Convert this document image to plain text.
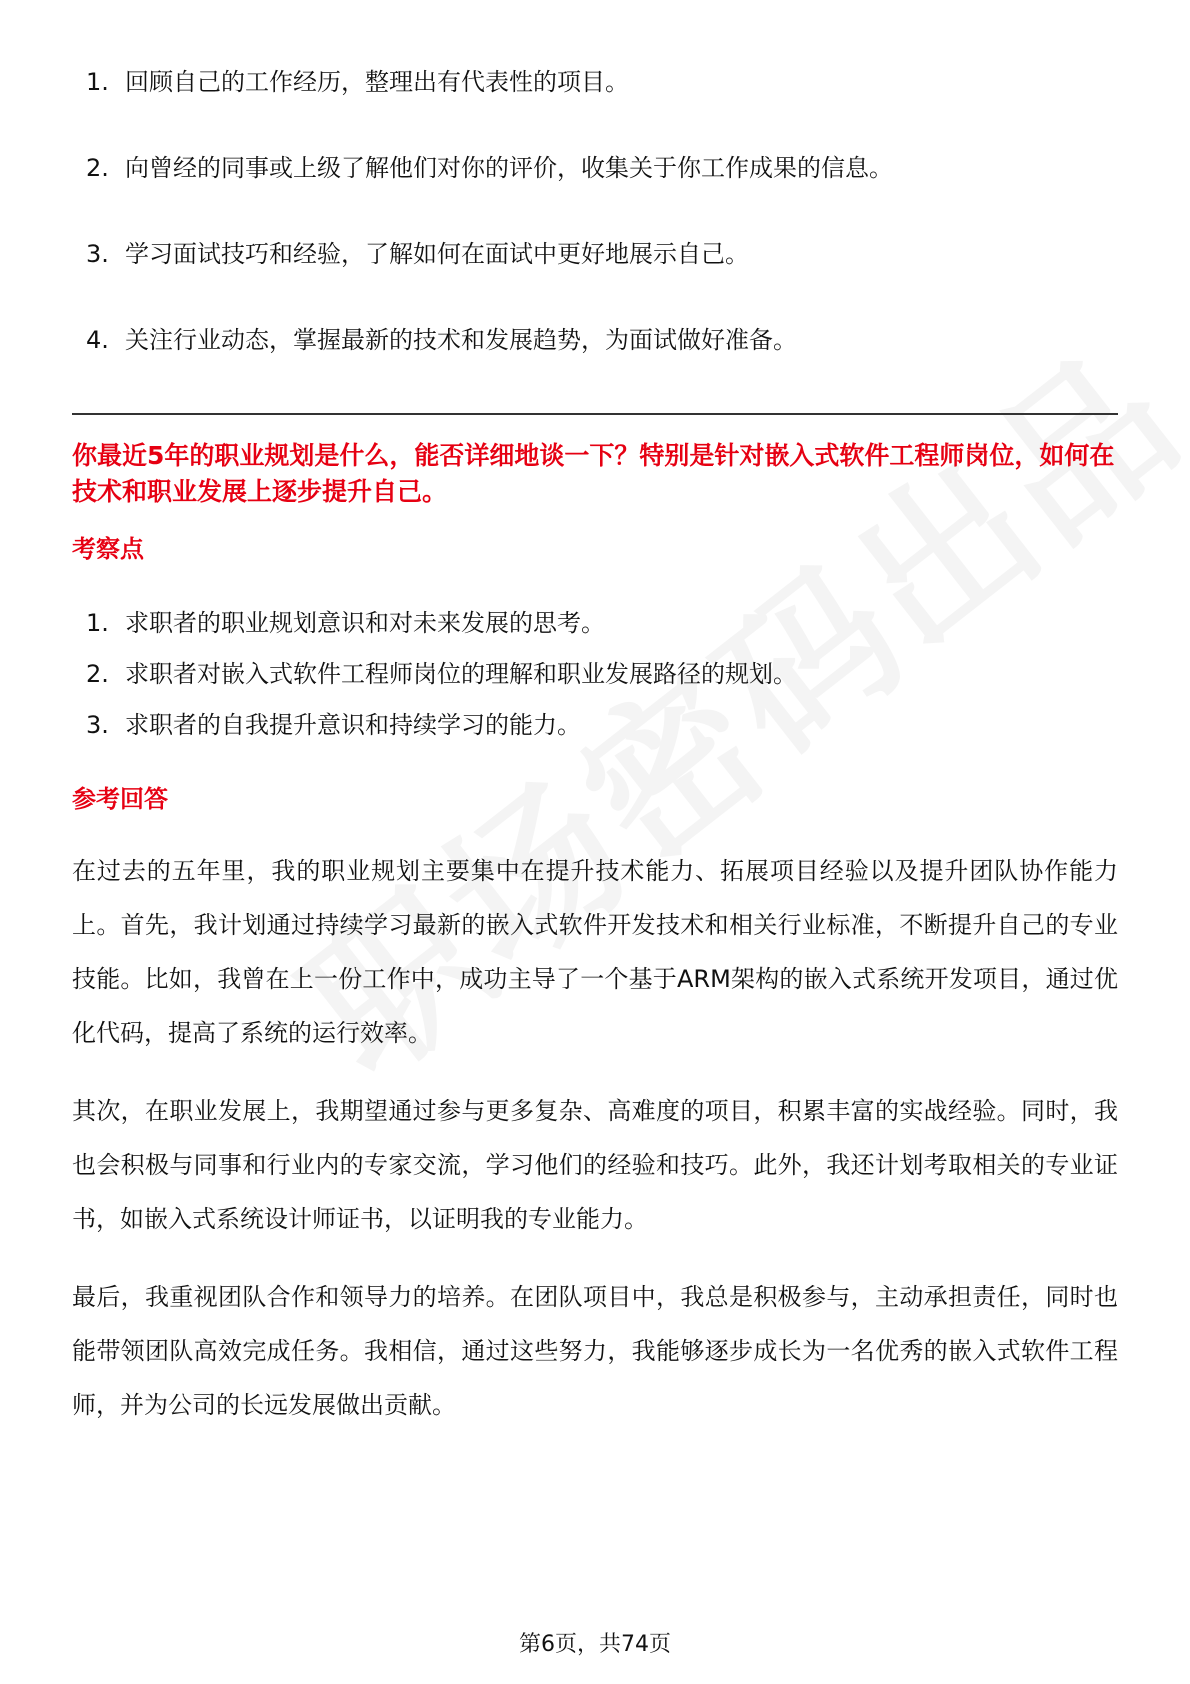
1. 回顾自己的工作经历，整理出有代表性的项目。
2. 向曾经的同事或上级了解他们对你的评价，收集关于你工作成果的信息。
3. 学习面试技巧和经验，了解如何在面试中更好地展示自己。
4. 关注行业动态，掌握最新的技术和发展趋势，为面试做好准备。
你最近5年的职业规划是什么，能否详细地谈一下？特别是针对嵌入式软件工程师岗位，如何在技术和职业发展上逐步提升自己。
考察点
1. 求职者的职业规划意识和对未来发展的思考。
2. 求职者对嵌入式软件工程师岗位的理解和职业发展路径的规划。
3. 求职者的自我提升意识和持续学习的能力。
参考回答

在过去的五年里，我的职业规划主要集中在提升技术能力、拓展项目经验以及提升团队协作能力上。首先，我计划通过持续学习最新的嵌入式软件开发技术和相关行业标准，不断提升自己的专业技能。比如，我曾在上一份工作中，成功主导了一个基于ARM架构的嵌入式系统开发项目，通过优化代码，提高了系统的运行效率。

其次，在职业发展上，我期望通过参与更多复杂、高难度的项目，积累丰富的实战经验。同时，我也会积极与同事和行业内的专家交流，学习他们的经验和技巧。此外，我还计划考取相关的专业证书，如嵌入式系统设计师证书，以证明我的专业能力。

最后，我重视团队合作和领导力的培养。在团队项目中，我总是积极参与，主动承担责任，同时也能带领团队高效完成任务。我相信，通过这些努力，我能够逐步成长为一名优秀的嵌入式软件工程师，并为公司的长远发展做出贡献。

第6页，共74页
